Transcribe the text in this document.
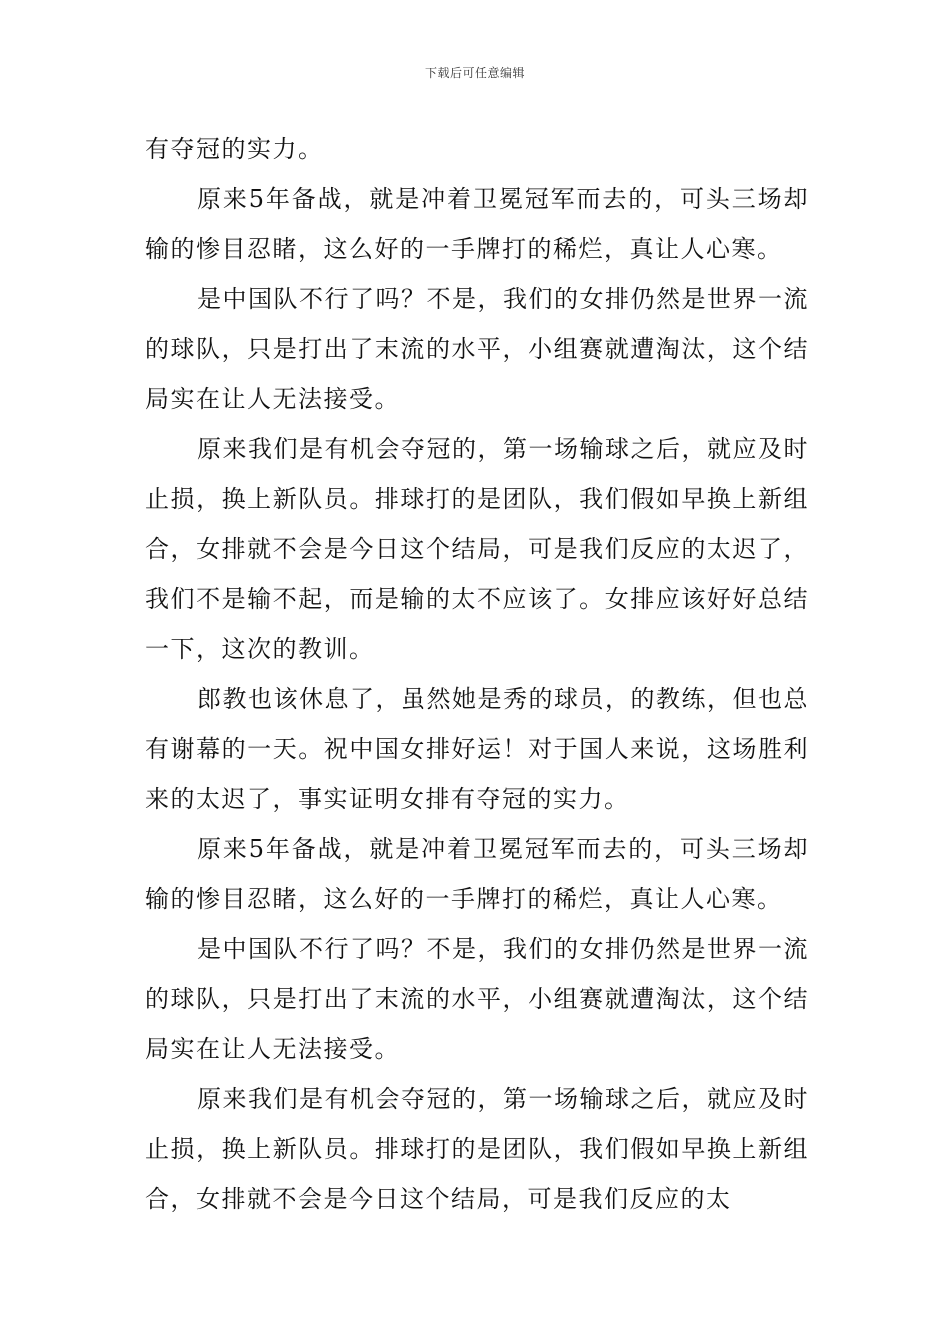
下载后可任意编辑

有夺冠的实力。

原来5年备战，就是冲着卫冕冠军而去的，可头三场却输的惨目忍睹，这么好的一手牌打的稀烂，真让人心寒。

是中国队不行了吗？不是，我们的女排仍然是世界一流的球队，只是打出了末流的水平，小组赛就遭淘汰，这个结局实在让人无法接受。

原来我们是有机会夺冠的，第一场输球之后，就应及时止损，换上新队员。排球打的是团队，我们假如早换上新组合，女排就不会是今日这个结局，可是我们反应的太迟了，我们不是输不起，而是输的太不应该了。女排应该好好总结一下，这次的教训。

郎教也该休息了，虽然她是秀的球员，的教练，但也总有谢幕的一天。祝中国女排好运！对于国人来说，这场胜利来的太迟了，事实证明女排有夺冠的实力。

原来5年备战，就是冲着卫冕冠军而去的，可头三场却输的惨目忍睹，这么好的一手牌打的稀烂，真让人心寒。

是中国队不行了吗？不是，我们的女排仍然是世界一流的球队，只是打出了末流的水平，小组赛就遭淘汰，这个结局实在让人无法接受。

原来我们是有机会夺冠的，第一场输球之后，就应及时止损，换上新队员。排球打的是团队，我们假如早换上新组合，女排就不会是今日这个结局，可是我们反应的太
